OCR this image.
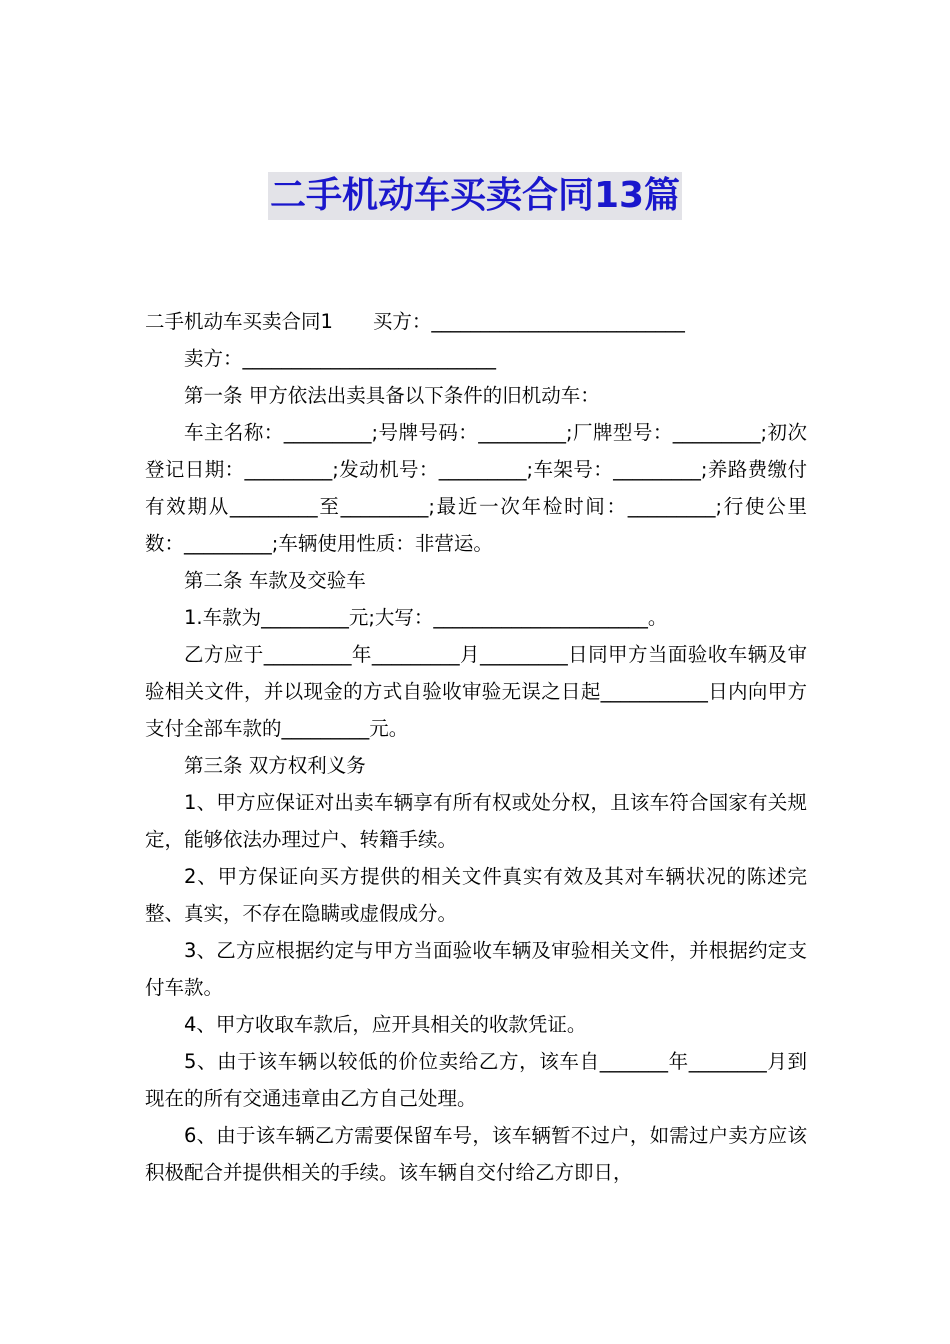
二手机动车买卖合同13篇

二手机动车买卖合同1 买方：__________________________

卖方：__________________________

第一条 甲方依法出卖具备以下条件的旧机动车：

车主名称：_________;号牌号码：_________;厂牌型号：_________;初次登记日期：_________;发动机号：_________;车架号：_________;养路费缴付有效期从_________至_________;最近一次年检时间：_________;行使公里数：_________;车辆使用性质：非营运。

第二条 车款及交验车

1.车款为_________元;大写：______________________。

乙方应于_________年_________月_________日同甲方当面验收车辆及审验相关文件，并以现金的方式自验收审验无误之日起___________日内向甲方支付全部车款的_________元。

第三条 双方权利义务

1、甲方应保证对出卖车辆享有所有权或处分权，且该车符合国家有关规定，能够依法办理过户、转籍手续。

2、甲方保证向买方提供的相关文件真实有效及其对车辆状况的陈述完整、真实，不存在隐瞒或虚假成分。

3、乙方应根据约定与甲方当面验收车辆及审验相关文件，并根据约定支付车款。

4、甲方收取车款后，应开具相关的收款凭证。

5、由于该车辆以较低的价位卖给乙方，该车自_______年________月到现在的所有交通违章由乙方自己处理。

6、由于该车辆乙方需要保留车号，该车辆暂不过户，如需过户卖方应该积极配合并提供相关的手续。该车辆自交付给乙方即日，
